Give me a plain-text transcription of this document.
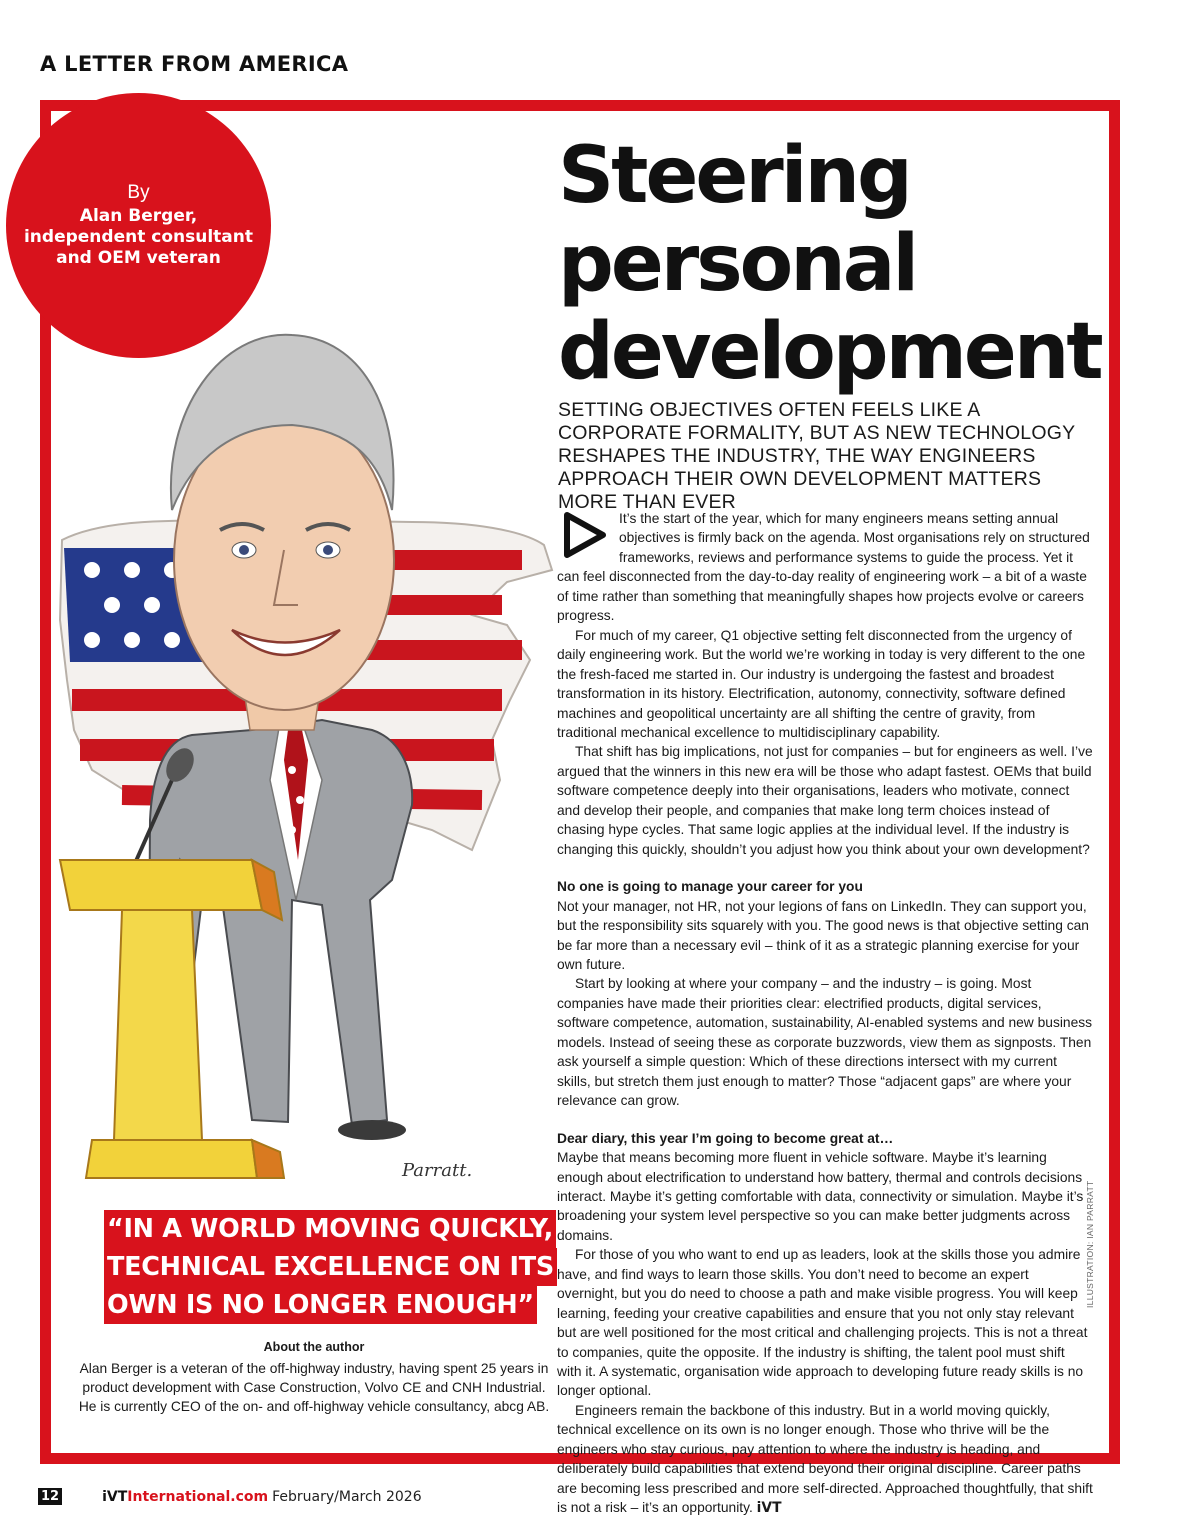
A LETTER FROM AMERICA
By
Alan Berger,
independent consultant and OEM veteran
Parratt.
ILLUSTRATION: IAN PARRATT
Steering personal development

SETTING OBJECTIVES OFTEN FEELS LIKE A CORPORATE FORMALITY, BUT AS NEW TECHNOLOGY RESHAPES THE INDUSTRY, THE WAY ENGINEERS APPROACH THEIR OWN DEVELOPMENT MATTERS MORE THAN EVER

It’s the start of the year, which for many engineers means setting annual objectives is firmly back on the agenda. Most organisations rely on structured frameworks, reviews and performance systems to guide the process. Yet it can feel disconnected from the day-to-day reality of engineering work – a bit of a waste of time rather than something that meaningfully shapes how projects evolve or careers progress.

For much of my career, Q1 objective setting felt disconnected from the urgency of daily engineering work. But the world we’re working in today is very different to the one the fresh-faced me started in. Our industry is undergoing the fastest and broadest transformation in its history. Electrification, autonomy, connectivity, software defined machines and geopolitical uncertainty are all shifting the centre of gravity, from traditional mechanical excellence to multidisciplinary capability.

That shift has big implications, not just for companies – but for engineers as well. I’ve argued that the winners in this new era will be those who adapt fastest. OEMs that build software competence deeply into their organisations, leaders who motivate, connect and develop their people, and companies that make long term choices instead of chasing hype cycles. That same logic applies at the individual level. If the industry is changing this quickly, shouldn’t you adjust how you think about your own development?

No one is going to manage your career for you

Not your manager, not HR, not your legions of fans on LinkedIn. They can support you, but the responsibility sits squarely with you. The good news is that objective setting can be far more than a necessary evil – think of it as a strategic planning exercise for your own future.

Start by looking at where your company – and the industry – is going. Most companies have made their priorities clear: electrified products, digital services, software competence, automation, sustainability, AI-enabled systems and new business models. Instead of seeing these as corporate buzzwords, view them as signposts. Then ask yourself a simple question: Which of these directions intersect with my current skills, but stretch them just enough to matter? Those “adjacent gaps” are where your relevance can grow.

Dear diary, this year I’m going to become great at…

Maybe that means becoming more fluent in vehicle software. Maybe it’s learning enough about electrification to understand how battery, thermal and controls decisions interact. Maybe it’s getting comfortable with data, connectivity or simulation. Maybe it’s broadening your system level perspective so you can make better judgments across domains.

For those of you who want to end up as leaders, look at the skills those you admire have, and find ways to learn those skills. You don’t need to become an expert overnight, but you do need to choose a path and make visible progress. You will keep learning, feeding your creative capabilities and ensure that you not only stay relevant but are well positioned for the most critical and challenging projects. This is not a threat to companies, quite the opposite. If the industry is shifting, the talent pool must shift with it. A systematic, organisation wide approach to developing future ready skills is no longer optional.

Engineers remain the backbone of this industry. But in a world moving quickly, technical excellence on its own is no longer enough. Those who thrive will be the engineers who stay curious, pay attention to where the industry is heading, and deliberately build capabilities that extend beyond their original discipline. Career paths are becoming less prescribed and more self-directed. Approached thoughtfully, that shift is not a risk – it’s an opportunity. iVT

“IN A WORLD MOVING QUICKLY,
TECHNICAL EXCELLENCE ON ITS
OWN IS NO LONGER ENOUGH”
About the author
Alan Berger is a veteran of the off-highway industry, having spent 25 years in product development with Case Construction, Volvo CE and CNH Industrial. He is currently CEO of the on- and off-highway vehicle consultancy, abcg AB.
12	iVT International.com February/March 2026
